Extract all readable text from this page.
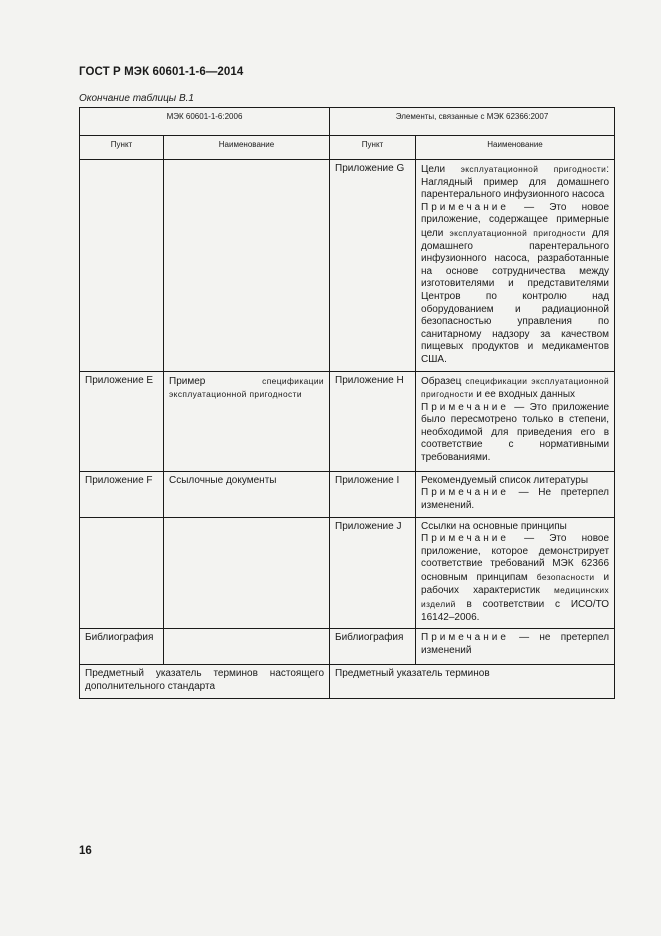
ГОСТ Р МЭК 60601-1-6—2014
Окончание таблицы В.1
МЭК 60601-1-6:2006		Элементы, связанные с МЭК 62366:2007	
Пункт	Наименование	Пункт	Наименование
		Приложение G	Цели эксплуатационной пригодности: Наглядный пример для домашнего парентерального инфузионного насоса
Примечание — Это новое приложение, содержащее примерные цели эксплуатационной пригодности для домашнего парентерального инфузионного насоса, разработанные на основе сотрудничества между изготовителями и представителями Центров по контролю над оборудованием и радиационной безопасностью управления по санитарному надзору за качеством пищевых продуктов и медикаментов США.
Приложение E	Пример спецификации эксплуатационной пригодности	Приложение H	Образец спецификации эксплуатационной пригодности и ее входных данных
Примечание — Это приложение было пересмотрено только в степени, необходимой для приведения его в соответствие с нормативными требованиями.
Приложение F	Ссылочные документы	Приложение I	Рекомендуемый список литературы
Примечание — Не претерпел изменений.
		Приложение J	Ссылки на основные принципы
Примечание — Это новое приложение, которое демонстрирует соответствие требований МЭК 62366 основным принципам безопасности и рабочих характеристик медицинских изделий в соответствии с ИСО/ТО 16142–2006.
Библиография		Библиография	Примечание — не претерпел изменений
Предметный указатель терминов настоящего дополнительного стандарта		Предметный указатель терминов	
16
